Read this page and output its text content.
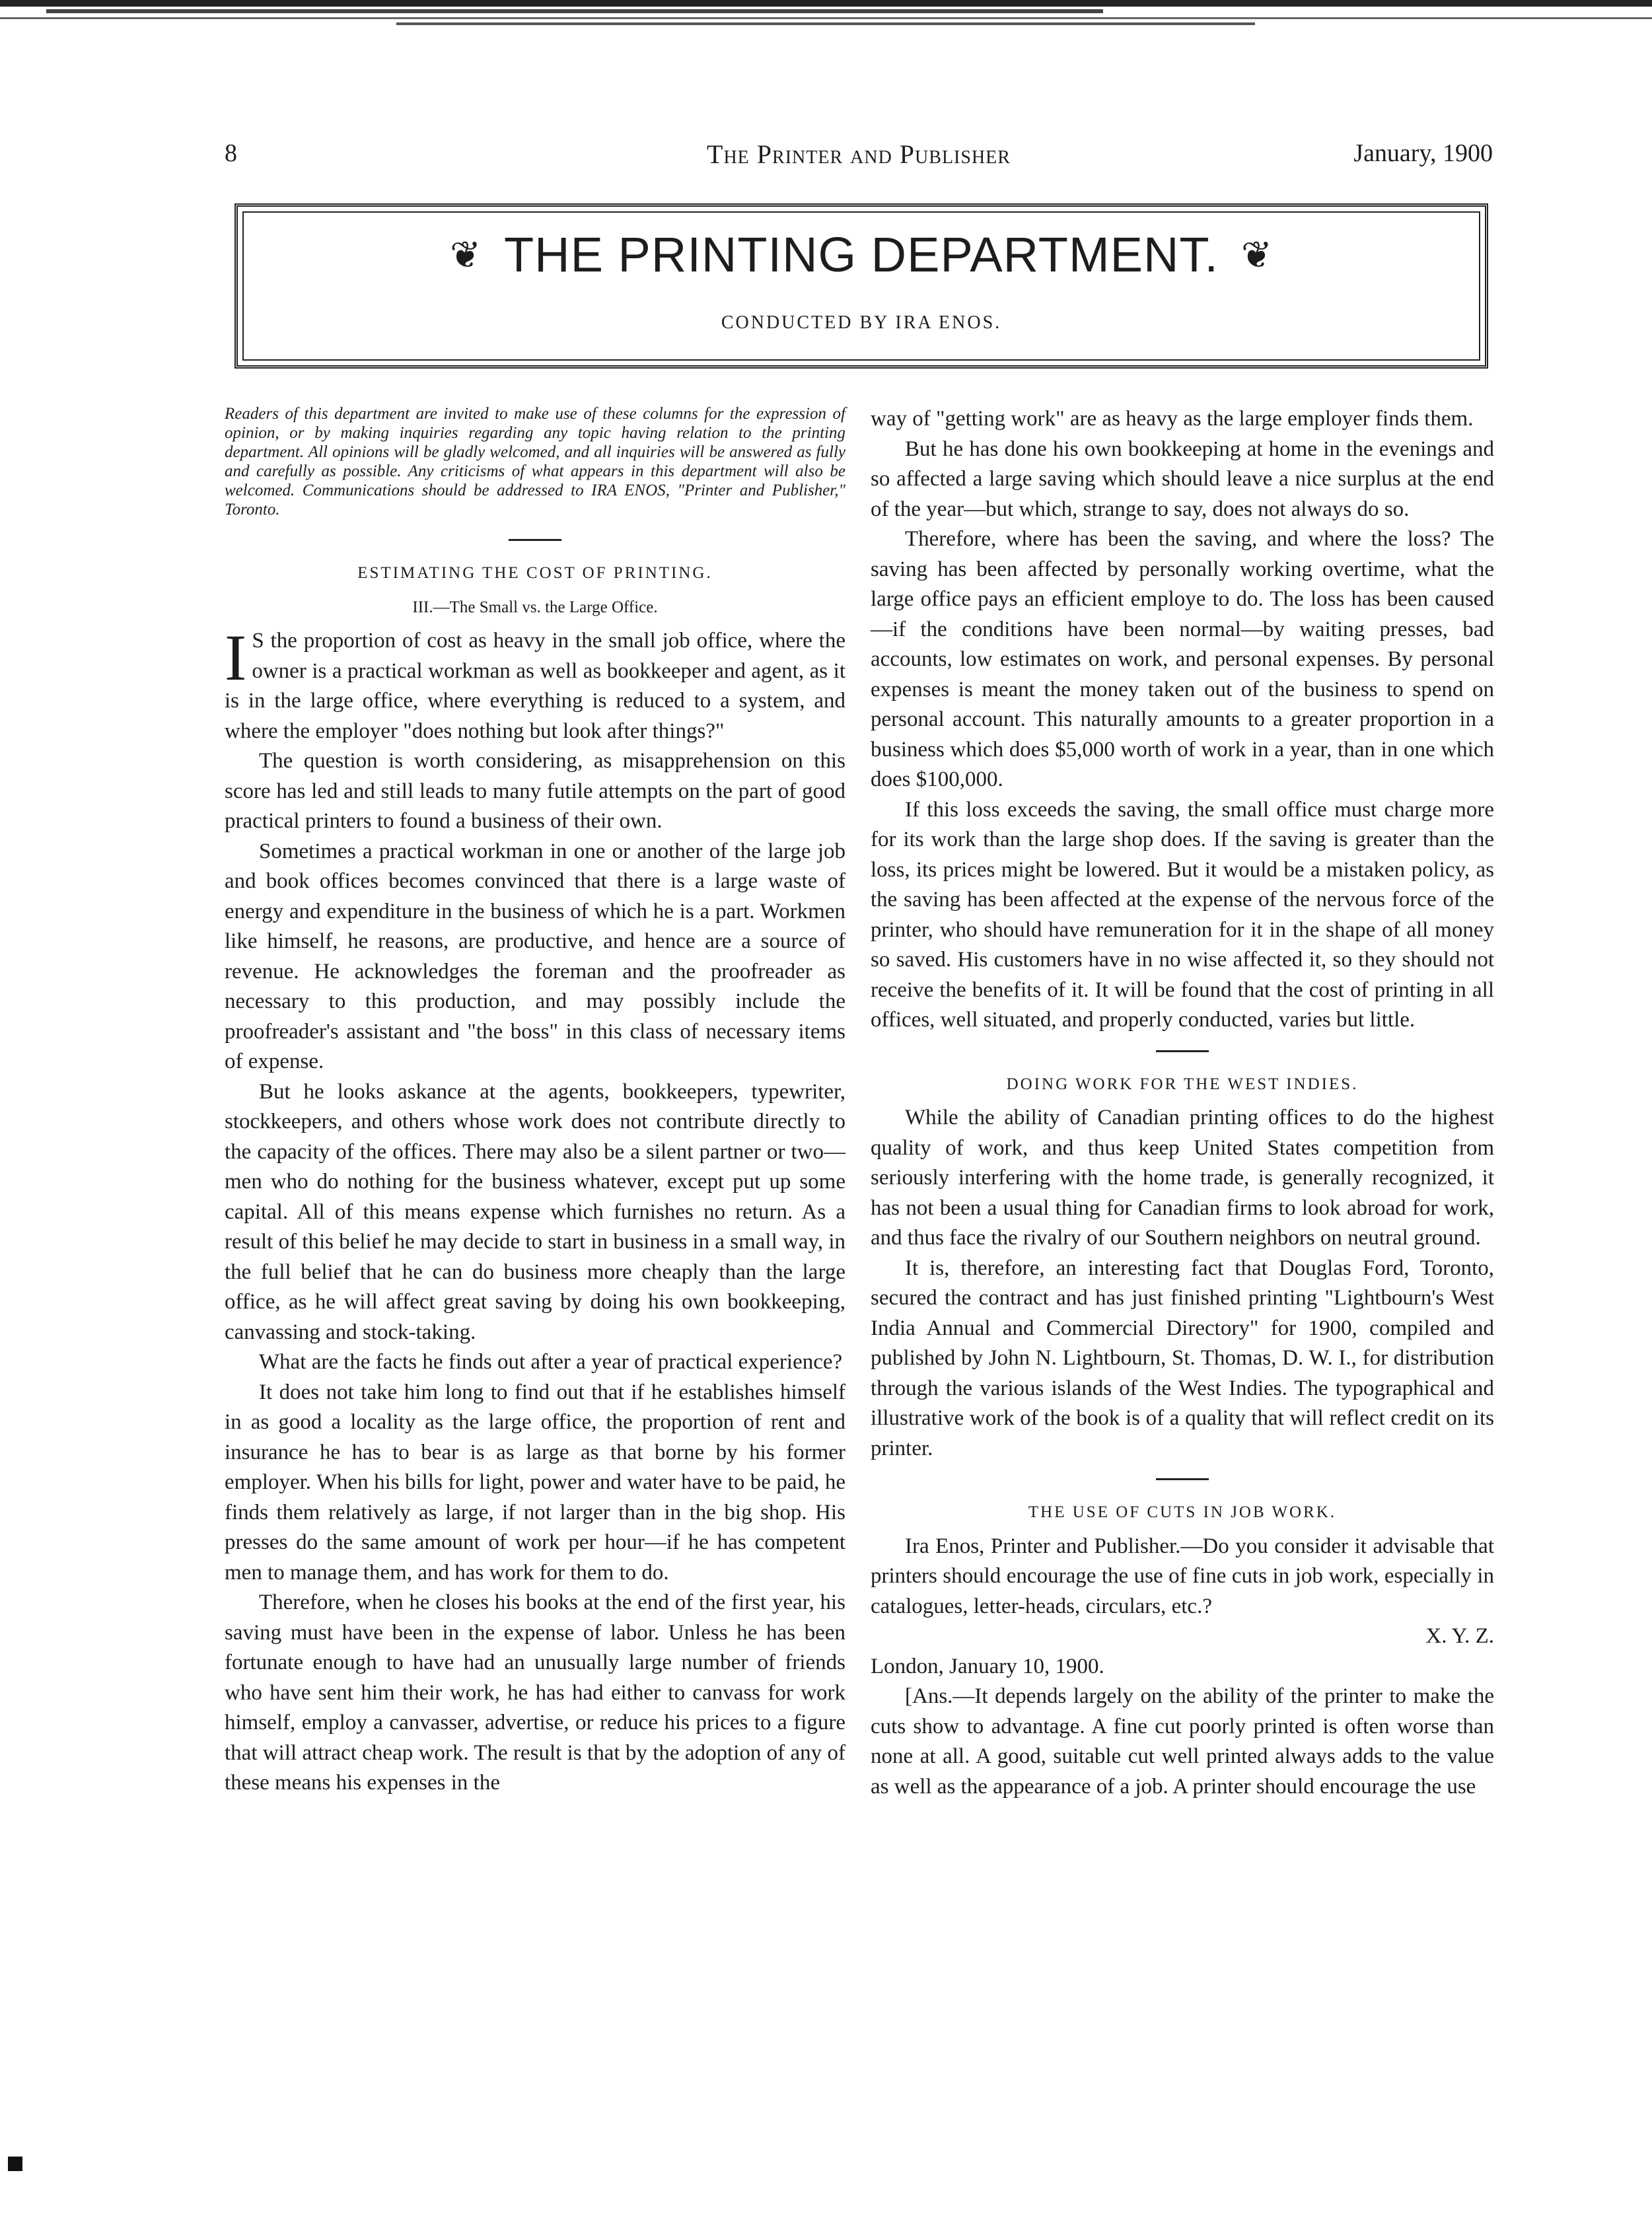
8	The Printer and Publisher	January, 1900
❦ THE PRINTING DEPARTMENT. ❦
CONDUCTED BY IRA ENOS.

Readers of this department are invited to make use of these columns for the expression of opinion, or by making inquiries regarding any topic having relation to the printing department. All opinions will be gladly welcomed, and all inquiries will be answered as fully and carefully as possible. Any criticisms of what appears in this department will also be welcomed. Communications should be addressed to IRA ENOS, "Printer and Publisher," Toronto.

ESTIMATING THE COST OF PRINTING.

III.—The Small vs. the Large Office.

I S the proportion of cost as heavy in the small job office, where the owner is a practical workman as well as bookkeeper and agent, as it is in the large office, where everything is reduced to a system, and where the employer "does nothing but look after things?"

The question is worth considering, as misapprehension on this score has led and still leads to many futile attempts on the part of good practical printers to found a business of their own.

Sometimes a practical workman in one or another of the large job and book offices becomes convinced that there is a large waste of energy and expenditure in the business of which he is a part. Workmen like himself, he reasons, are productive, and hence are a source of revenue. He acknowledges the foreman and the proofreader as necessary to this production, and may possibly include the proofreader's assistant and "the boss" in this class of necessary items of expense.

But he looks askance at the agents, bookkeepers, typewriter, stockkeepers, and others whose work does not contribute directly to the capacity of the offices. There may also be a silent partner or two—men who do nothing for the business whatever, except put up some capital. All of this means expense which furnishes no return. As a result of this belief he may decide to start in business in a small way, in the full belief that he can do business more cheaply than the large office, as he will affect great saving by doing his own bookkeeping, canvassing and stock-taking.

What are the facts he finds out after a year of practical experience?

It does not take him long to find out that if he establishes himself in as good a locality as the large office, the proportion of rent and insurance he has to bear is as large as that borne by his former employer. When his bills for light, power and water have to be paid, he finds them relatively as large, if not larger than in the big shop. His presses do the same amount of work per hour—if he has competent men to manage them, and has work for them to do.

Therefore, when he closes his books at the end of the first year, his saving must have been in the expense of labor. Unless he has been fortunate enough to have had an unusually large number of friends who have sent him their work, he has had either to canvass for work himself, employ a canvasser, advertise, or reduce his prices to a figure that will attract cheap work. The result is that by the adoption of any of these means his expenses in the

way of "getting work" are as heavy as the large employer finds them.

But he has done his own bookkeeping at home in the evenings and so affected a large saving which should leave a nice surplus at the end of the year—but which, strange to say, does not always do so.

Therefore, where has been the saving, and where the loss? The saving has been affected by personally working overtime, what the large office pays an efficient employe to do. The loss has been caused—if the conditions have been normal—by waiting presses, bad accounts, low estimates on work, and personal expenses. By personal expenses is meant the money taken out of the business to spend on personal account. This naturally amounts to a greater proportion in a business which does $5,000 worth of work in a year, than in one which does $100,000.

If this loss exceeds the saving, the small office must charge more for its work than the large shop does. If the saving is greater than the loss, its prices might be lowered. But it would be a mistaken policy, as the saving has been affected at the expense of the nervous force of the printer, who should have remuneration for it in the shape of all money so saved. His customers have in no wise affected it, so they should not receive the benefits of it. It will be found that the cost of printing in all offices, well situated, and properly conducted, varies but little.

DOING WORK FOR THE WEST INDIES.

While the ability of Canadian printing offices to do the highest quality of work, and thus keep United States competition from seriously interfering with the home trade, is generally recognized, it has not been a usual thing for Canadian firms to look abroad for work, and thus face the rivalry of our Southern neighbors on neutral ground.

It is, therefore, an interesting fact that Douglas Ford, Toronto, secured the contract and has just finished printing "Lightbourn's West India Annual and Commercial Directory" for 1900, compiled and published by John N. Lightbourn, St. Thomas, D. W. I., for distribution through the various islands of the West Indies. The typographical and illustrative work of the book is of a quality that will reflect credit on its printer.

THE USE OF CUTS IN JOB WORK.

Ira Enos, Printer and Publisher.—Do you consider it advisable that printers should encourage the use of fine cuts in job work, especially in catalogues, letter-heads, circulars, etc.?

X. Y. Z.

London, January 10, 1900.

[Ans.—It depends largely on the ability of the printer to make the cuts show to advantage. A fine cut poorly printed is often worse than none at all. A good, suitable cut well printed always adds to the value as well as the appearance of a job. A printer should encourage the use
